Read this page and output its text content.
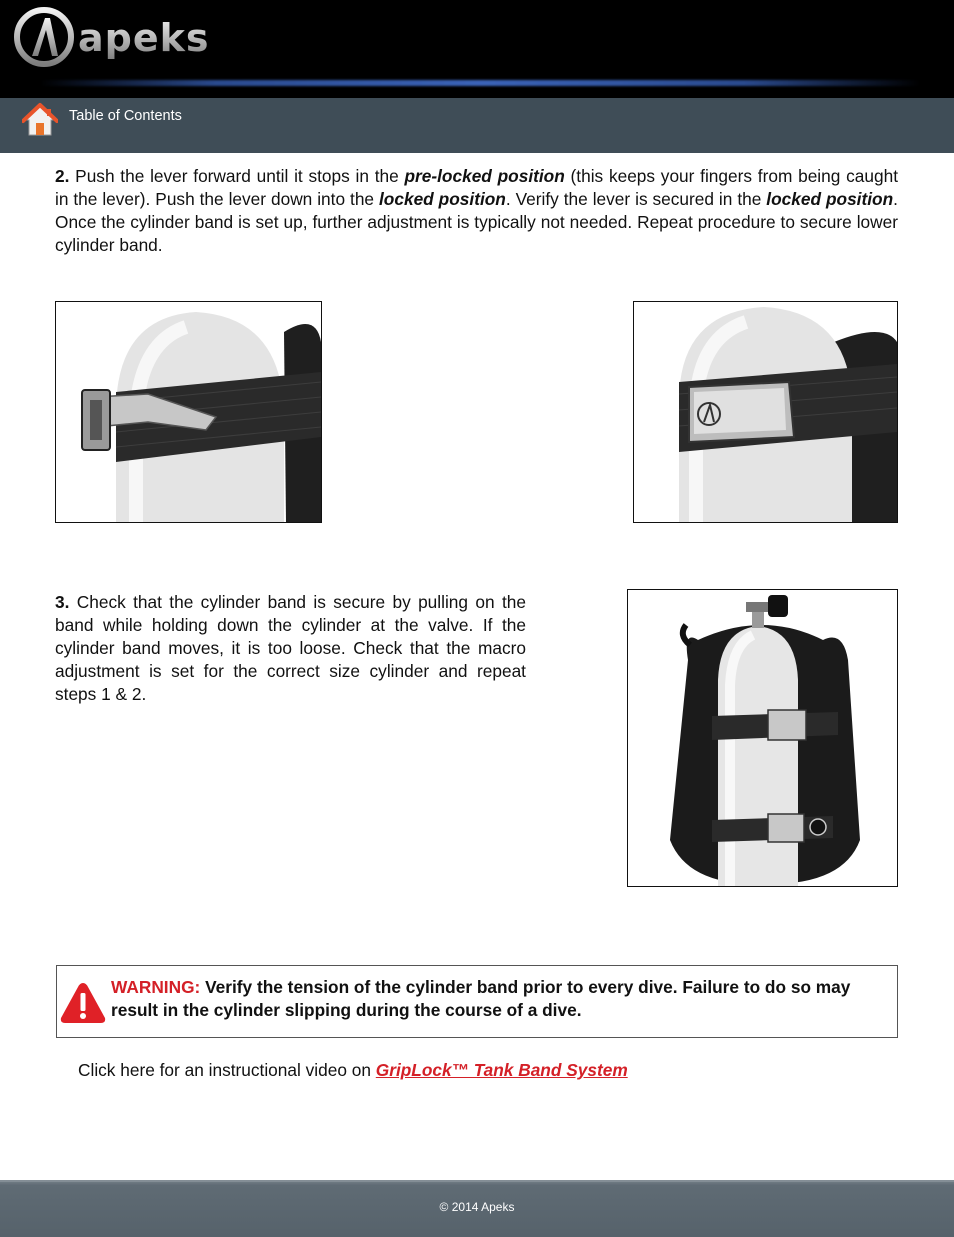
apeks
Table of Contents
2. Push the lever forward until it stops in the pre-locked position (this keeps your fingers from being caught in the lever). Push the lever down into the locked position. Verify the lever is secured in the locked position. Once the cylinder band is set up, further adjustment is typically not needed. Repeat procedure to secure lower cylinder band.
3. Check that the cylinder band is secure by pulling on the band while holding down the cylinder at the valve. If the cylinder band moves, it is too loose. Check that the macro adjustment is set for the correct size cylinder and repeat steps 1 & 2.
WARNING: Verify the tension of the cylinder band prior to every dive. Failure to do so may result in the cylinder slipping during the course of a dive.
Click here for an instructional video on GripLock™ Tank Band System
© 2014 Apeks
